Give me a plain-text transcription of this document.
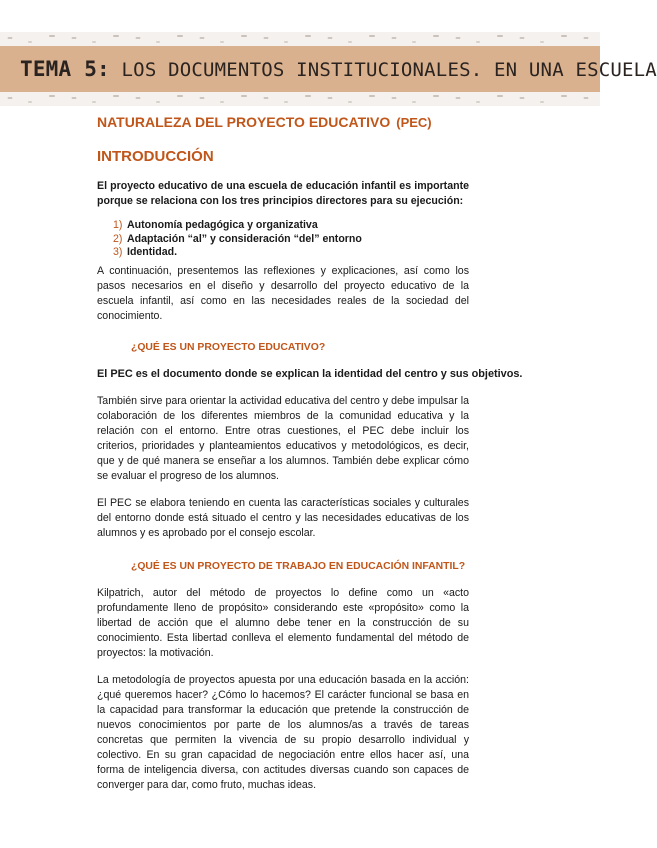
TEMA 5: LOS DOCUMENTOS INSTITUCIONALES. EN UNA ESCUELA
NATURALEZA DEL PROYECTO EDUCATIVO (PEC)
INTRODUCCIÓN

El proyecto educativo de una escuela de educación infantil es importante porque se relaciona con los tres principios directores para su ejecución:

1) Autonomía pedagógica y organizativa
2) Adaptación “al” y consideración “del” entorno
3) Identidad.

A continuación, presentemos las reflexiones y explicaciones, así como los pasos necesarios en el diseño y desarrollo del proyecto educativo de la escuela infantil, así como en las necesidades reales de la sociedad del conocimiento.

¿QUÉ ES UN PROYECTO EDUCATIVO?

El PEC es el documento donde se explican la identidad del centro y sus objetivos.

También sirve para orientar la actividad educativa del centro y debe impulsar la colaboración de los diferentes miembros de la comunidad educativa y la relación con el entorno. Entre otras cuestiones, el PEC debe incluir los criterios, prioridades y planteamientos educativos y metodológicos, es decir, que y de qué manera se enseñar a los alumnos. También debe explicar cómo se evaluar el progreso de los alumnos.

El PEC se elabora teniendo en cuenta las características sociales y culturales del entorno donde está situado el centro y las necesidades educativas de los alumnos y es aprobado por el consejo escolar.

¿QUÉ ES UN PROYECTO DE TRABAJO EN EDUCACIÓN INFANTIL?

Kilpatrich, autor del método de proyectos lo define como un «acto profundamente lleno de propósito» considerando este «propósito» como la libertad de acción que el alumno debe tener en la construcción de su conocimiento. Esta libertad conlleva el elemento fundamental del método de proyectos: la motivación.

La metodología de proyectos apuesta por una educación basada en la acción: ¿qué queremos hacer? ¿Cómo lo hacemos? El carácter funcional se basa en la capacidad para transformar la educación que pretende la construcción de nuevos conocimientos por parte de los alumnos/as a través de tareas concretas que permiten la vivencia de su propio desarrollo individual y colectivo. En su gran capacidad de negociación entre ellos hacer así, una forma de inteligencia diversa, con actitudes diversas cuando son capaces de converger para dar, como fruto, muchas ideas.
